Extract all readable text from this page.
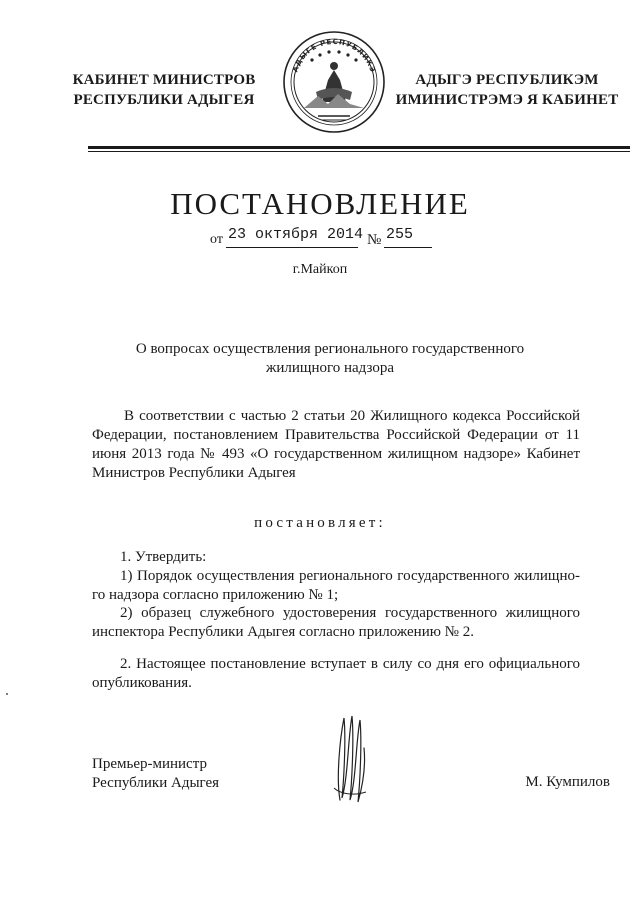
КАБИНЕТ МИНИСТРОВ
РЕСПУБЛИКИ АДЫГЕЯ
АДЫГЕ РЕСПУБЛИКЭ
АДЫГЭ РЕСПУБЛИКЭМ
ИМИНИСТРЭМЭ Я КАБИНЕТ
ПОСТАНОВЛЕНИЕ
от 23 октября 2014 № 255
г.Майкоп
О вопросах осуществления регионального государственного жилищного надзора
В соответствии с частью 2 статьи 20 Жилищного кодекса Российской Федерации, постановлением Правительства Российской Федерации от 11 июня 2013 года № 493 «О государственном жилищном надзоре» Кабинет Министров Республики Адыгея
постановляет:
1. Утвердить:
1) Порядок осуществления регионального государственного жилищно-го надзора согласно приложению № 1;
2) образец служебного удостоверения государственного жилищного инспектора Республики Адыгея согласно приложению № 2.
2. Настоящее постановление вступает в силу со дня его официального опубликования.
Премьер-министр
Республики Адыгея	М. Кумпилов
